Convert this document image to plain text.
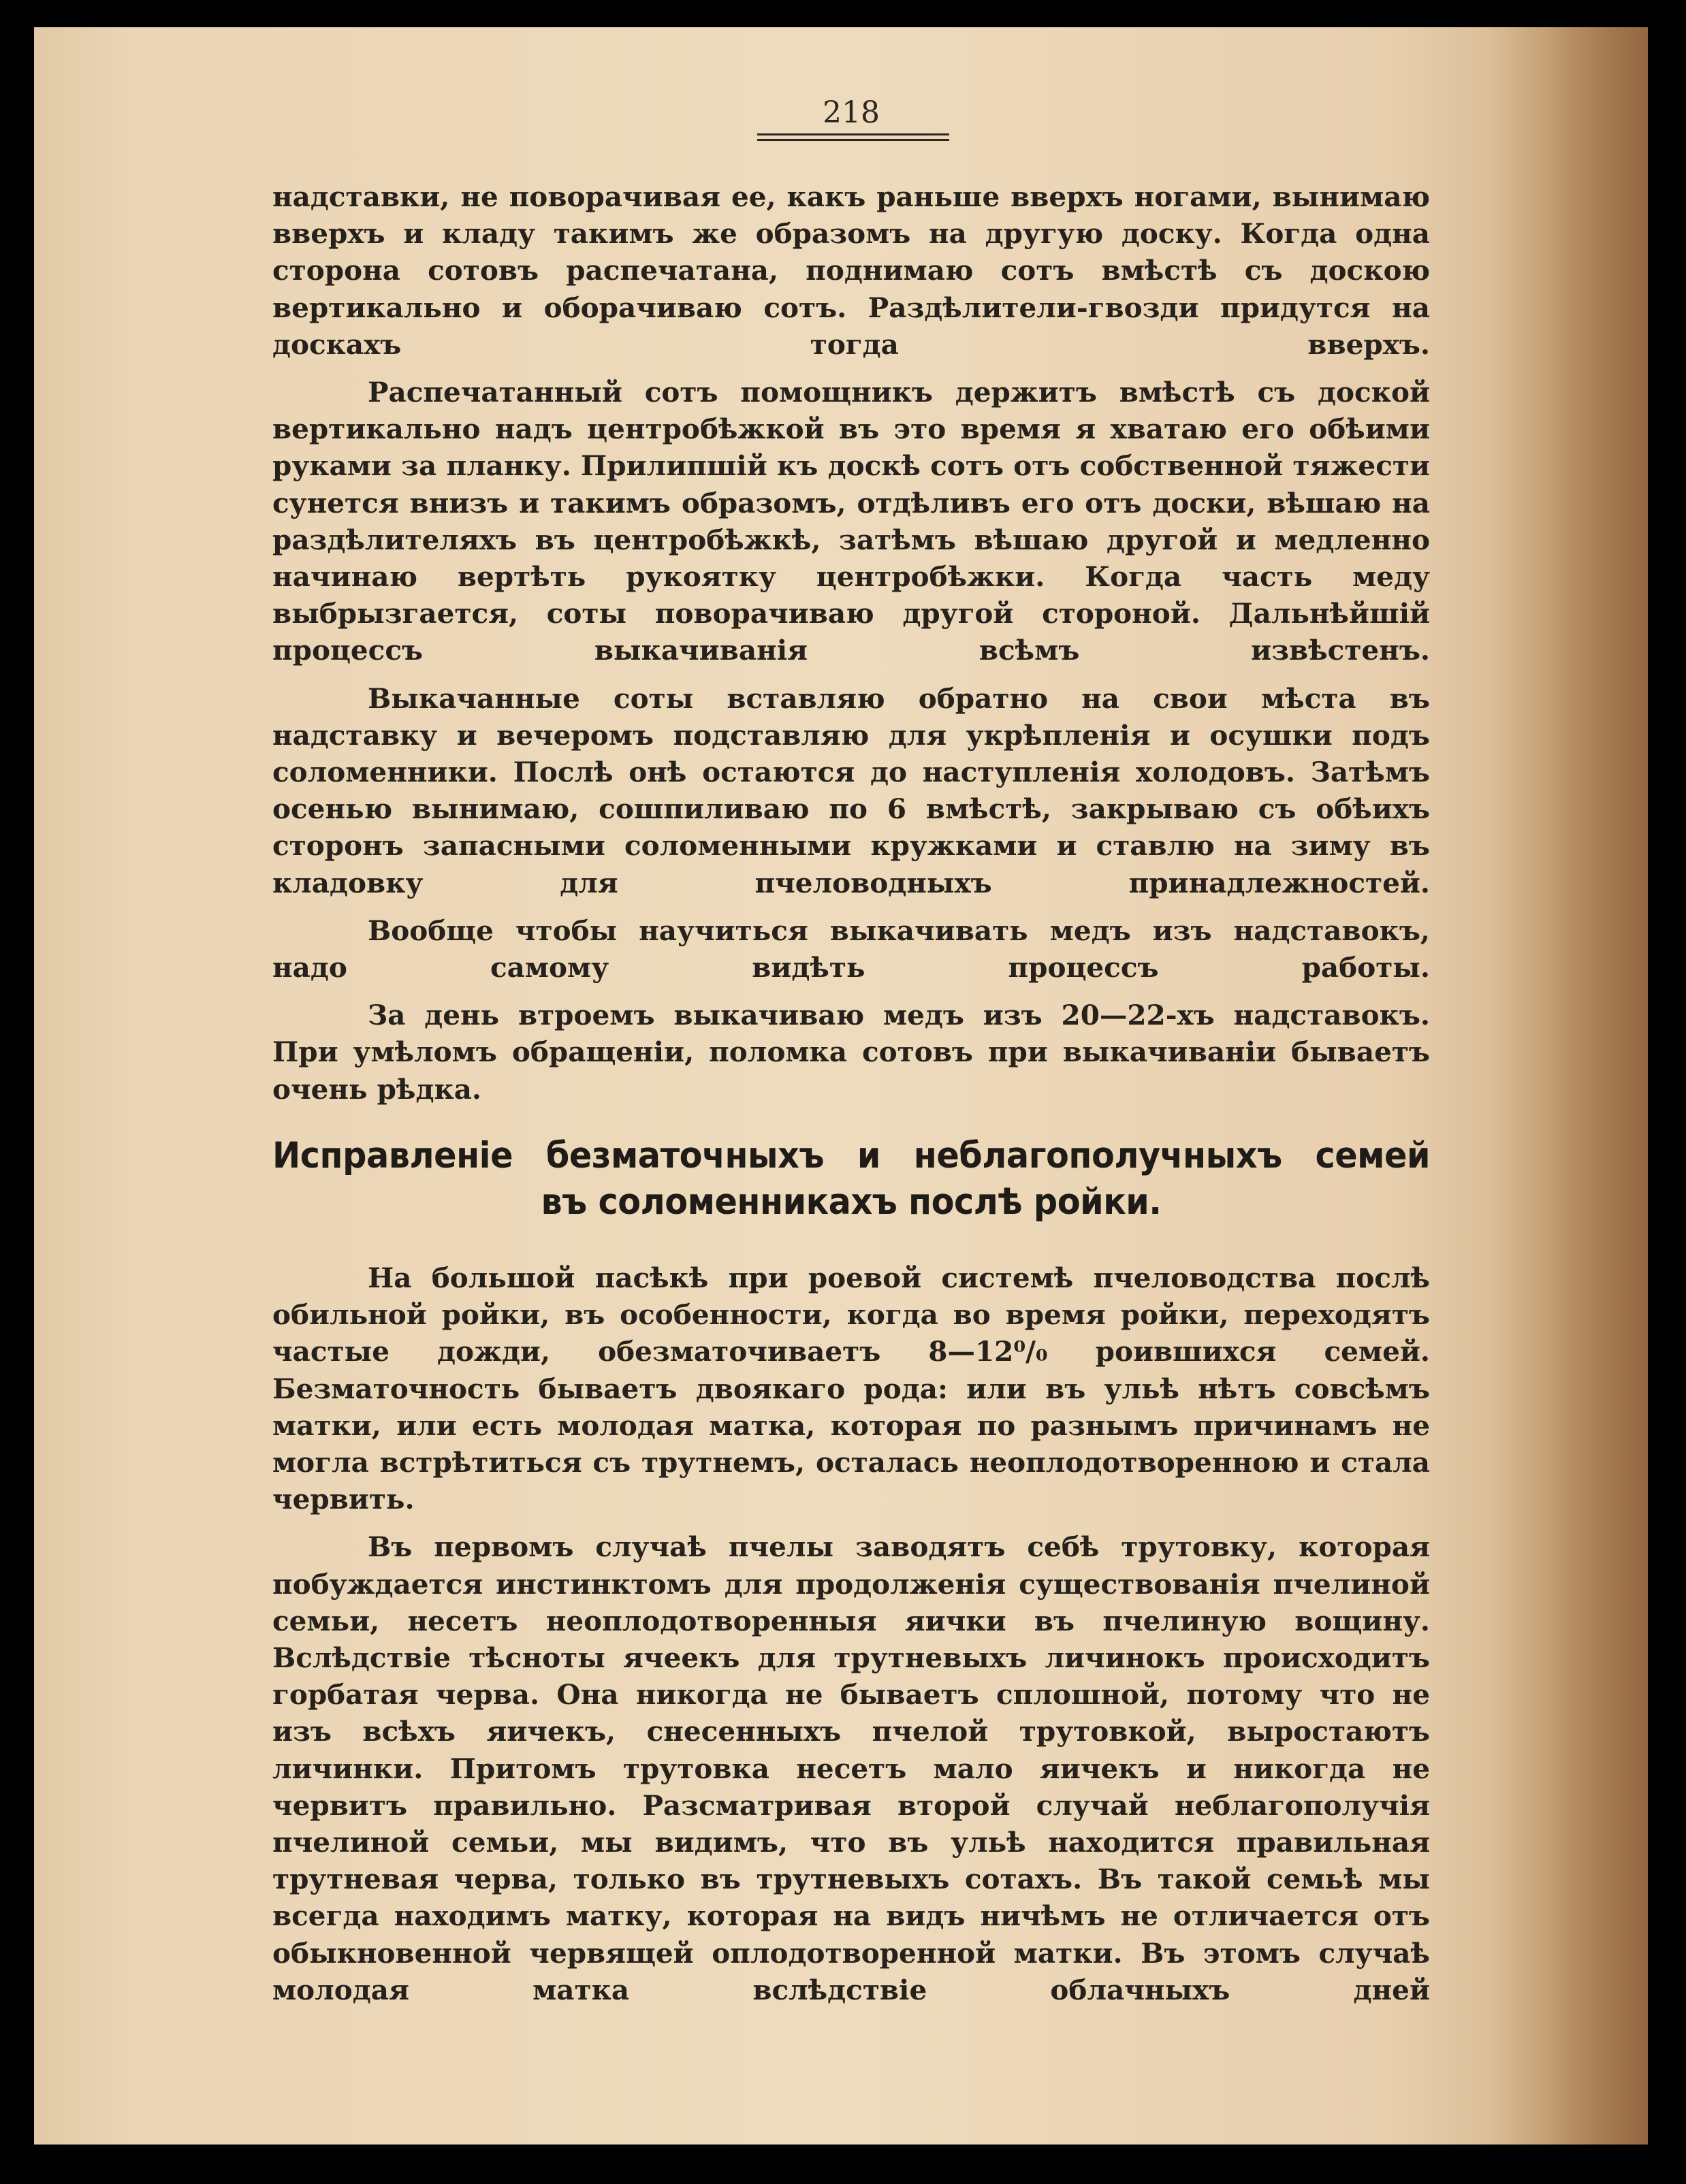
218

надставки, не поворачивая ее, какъ раньше вверхъ ногами, вынимаю вверхъ и кладу такимъ же образомъ на другую доску. Когда одна сторона сотовъ распечатана, поднимаю сотъ вмѣстѣ съ доскою вертикально и оборачиваю сотъ. Раздѣлители-гвозди придутся на доскахъ тогда вверхъ.

Распечатанный сотъ помощникъ держитъ вмѣстѣ съ доской вертикально надъ центробѣжкой въ это время я хватаю его обѣими руками за планку. Прилипшій къ доскѣ сотъ отъ собственной тяжести сунется внизъ и такимъ образомъ, отдѣливъ его отъ доски, вѣшаю на раздѣлителяхъ въ центробѣжкѣ, затѣмъ вѣшаю другой и медленно начинаю вертѣть рукоятку центробѣжки. Когда часть меду выбрызгается, соты поворачиваю другой стороной. Дальнѣйшій процессъ выкачиванія всѣмъ извѣстенъ.

Выкачанные соты вставляю обратно на свои мѣста въ надставку и вечеромъ подставляю для укрѣпленія и осушки подъ соломенники. Послѣ онѣ остаются до наступленія холодовъ. Затѣмъ осенью вынимаю, сошпиливаю по 6 вмѣстѣ, закрываю съ обѣихъ сторонъ запасными соломенными кружками и ставлю на зиму въ кладовку для пчеловодныхъ принадлежностей.

Вообще чтобы научиться выкачивать медъ изъ надставокъ, надо самому видѣть процессъ работы.

За день втроемъ выкачиваю медъ изъ 20—22-хъ надставокъ. При умѣломъ обращеніи, поломка сотовъ при выкачиваніи бываетъ очень рѣдка.

Исправленіе безматочныхъ и неблагополучныхъ семей
въ соломенникахъ послѣ ройки.

На большой пасѣкѣ при роевой системѣ пчеловодства послѣ обильной ройки, въ особенности, когда во время ройки, переходятъ частые дожди, обезматочиваетъ 8—12⁰/₀ роившихся семей. Безматочность бываетъ двоякаго рода: или въ ульѣ нѣтъ совсѣмъ матки, или есть молодая матка, которая по разнымъ причинамъ не могла встрѣтиться съ трутнемъ, осталась неоплодотворенною и стала червить.

Въ первомъ случаѣ пчелы заводятъ себѣ трутовку, которая побуждается инстинктомъ для продолженія существованія пчелиной семьи, несетъ неоплодотворенныя яички въ пчелиную вощину. Вслѣдствіе тѣсноты ячеекъ для трутневыхъ личинокъ происходитъ горбатая черва. Она никогда не бываетъ сплошной, потому что не изъ всѣхъ яичекъ, снесенныхъ пчелой трутовкой, выростаютъ личинки. Притомъ трутовка несетъ мало яичекъ и никогда не червитъ правильно. Разсматривая второй случай неблагополучія пчелиной семьи, мы видимъ, что въ ульѣ находится правильная трутневая черва, только въ трутневыхъ сотахъ. Въ такой семьѣ мы всегда находимъ матку, которая на видъ ничѣмъ не отличается отъ обыкновенной червящей оплодотворенной матки. Въ этомъ случаѣ молодая матка вслѣдствіе облачныхъ дней
